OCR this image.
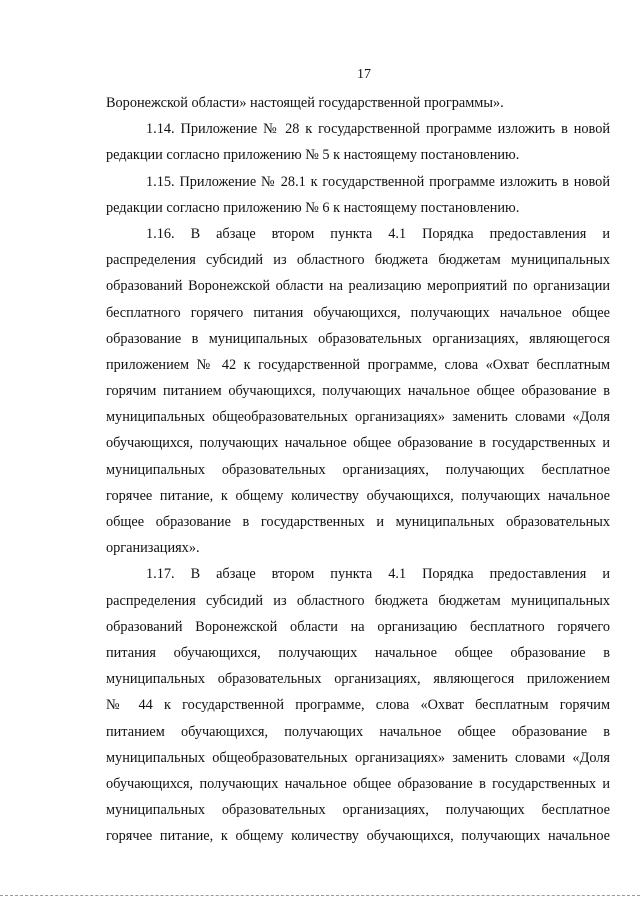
17
Воронежской области» настоящей государственной программы».
1.14. Приложение № 28 к государственной программе изложить в новой
редакции согласно приложению № 5 к настоящему постановлению.
1.15. Приложение № 28.1 к государственной программе изложить в новой
редакции согласно приложению № 6 к настоящему постановлению.
1.16. В абзаце втором пункта 4.1 Порядка предоставления и
распределения субсидий из областного бюджета бюджетам муниципальных
образований Воронежской области на реализацию мероприятий по организации
бесплатного горячего питания обучающихся, получающих начальное общее
образование в муниципальных образовательных организациях, являющегося
приложением № 42 к государственной программе, слова «Охват бесплатным
горячим питанием обучающихся, получающих начальное общее образование в
муниципальных общеобразовательных организациях» заменить словами «Доля
обучающихся, получающих начальное общее образование в государственных и
муниципальных образовательных организациях, получающих бесплатное
горячее питание, к общему количеству обучающихся, получающих начальное
общее образование в государственных и муниципальных образовательных
организациях».
1.17. В абзаце втором пункта 4.1 Порядка предоставления и
распределения субсидий из областного бюджета бюджетам муниципальных
образований Воронежской области на организацию бесплатного горячего
питания обучающихся, получающих начальное общее образование в
муниципальных образовательных организациях, являющегося приложением
№ 44 к государственной программе, слова «Охват бесплатным горячим
питанием обучающихся, получающих начальное общее образование в
муниципальных общеобразовательных организациях» заменить словами «Доля
обучающихся, получающих начальное общее образование в государственных и
муниципальных образовательных организациях, получающих бесплатное
горячее питание, к общему количеству обучающихся, получающих начальное
